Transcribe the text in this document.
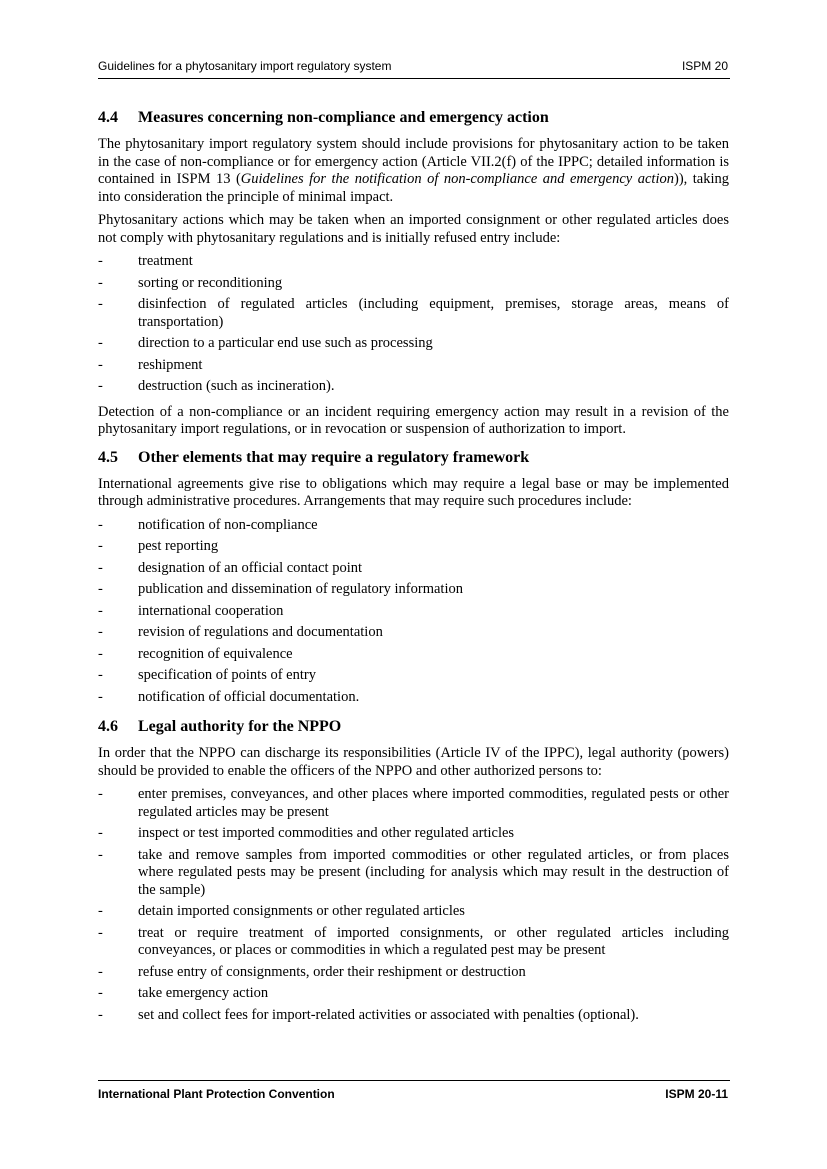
Guidelines for a phytosanitary import regulatory system	ISPM 20
4.4 Measures concerning non-compliance and emergency action

The phytosanitary import regulatory system should include provisions for phytosanitary action to be taken in the case of non-compliance or for emergency action (Article VII.2(f) of the IPPC; detailed information is contained in ISPM 13 (Guidelines for the notification of non-compliance and emergency action)), taking into consideration the principle of minimal impact.

Phytosanitary actions which may be taken when an imported consignment or other regulated articles does not comply with phytosanitary regulations and is initially refused entry include:

- treatment
- sorting or reconditioning
- disinfection of regulated articles (including equipment, premises, storage areas, means of transportation)
- direction to a particular end use such as processing
- reshipment
- destruction (such as incineration).

Detection of a non-compliance or an incident requiring emergency action may result in a revision of the phytosanitary import regulations, or in revocation or suspension of authorization to import.

4.5 Other elements that may require a regulatory framework

International agreements give rise to obligations which may require a legal base or may be implemented through administrative procedures. Arrangements that may require such procedures include:

- notification of non-compliance
- pest reporting
- designation of an official contact point
- publication and dissemination of regulatory information
- international cooperation
- revision of regulations and documentation
- recognition of equivalence
- specification of points of entry
- notification of official documentation.
4.6 Legal authority for the NPPO

In order that the NPPO can discharge its responsibilities (Article IV of the IPPC), legal authority (powers) should be provided to enable the officers of the NPPO and other authorized persons to:

- enter premises, conveyances, and other places where imported commodities, regulated pests or other regulated articles may be present
- inspect or test imported commodities and other regulated articles
- take and remove samples from imported commodities or other regulated articles, or from places where regulated pests may be present (including for analysis which may result in the destruction of the sample)
- detain imported consignments or other regulated articles
- treat or require treatment of imported consignments, or other regulated articles including conveyances, or places or commodities in which a regulated pest may be present
- refuse entry of consignments, order their reshipment or destruction
- take emergency action
- set and collect fees for import-related activities or associated with penalties (optional).
International Plant Protection Convention	ISPM 20-11
